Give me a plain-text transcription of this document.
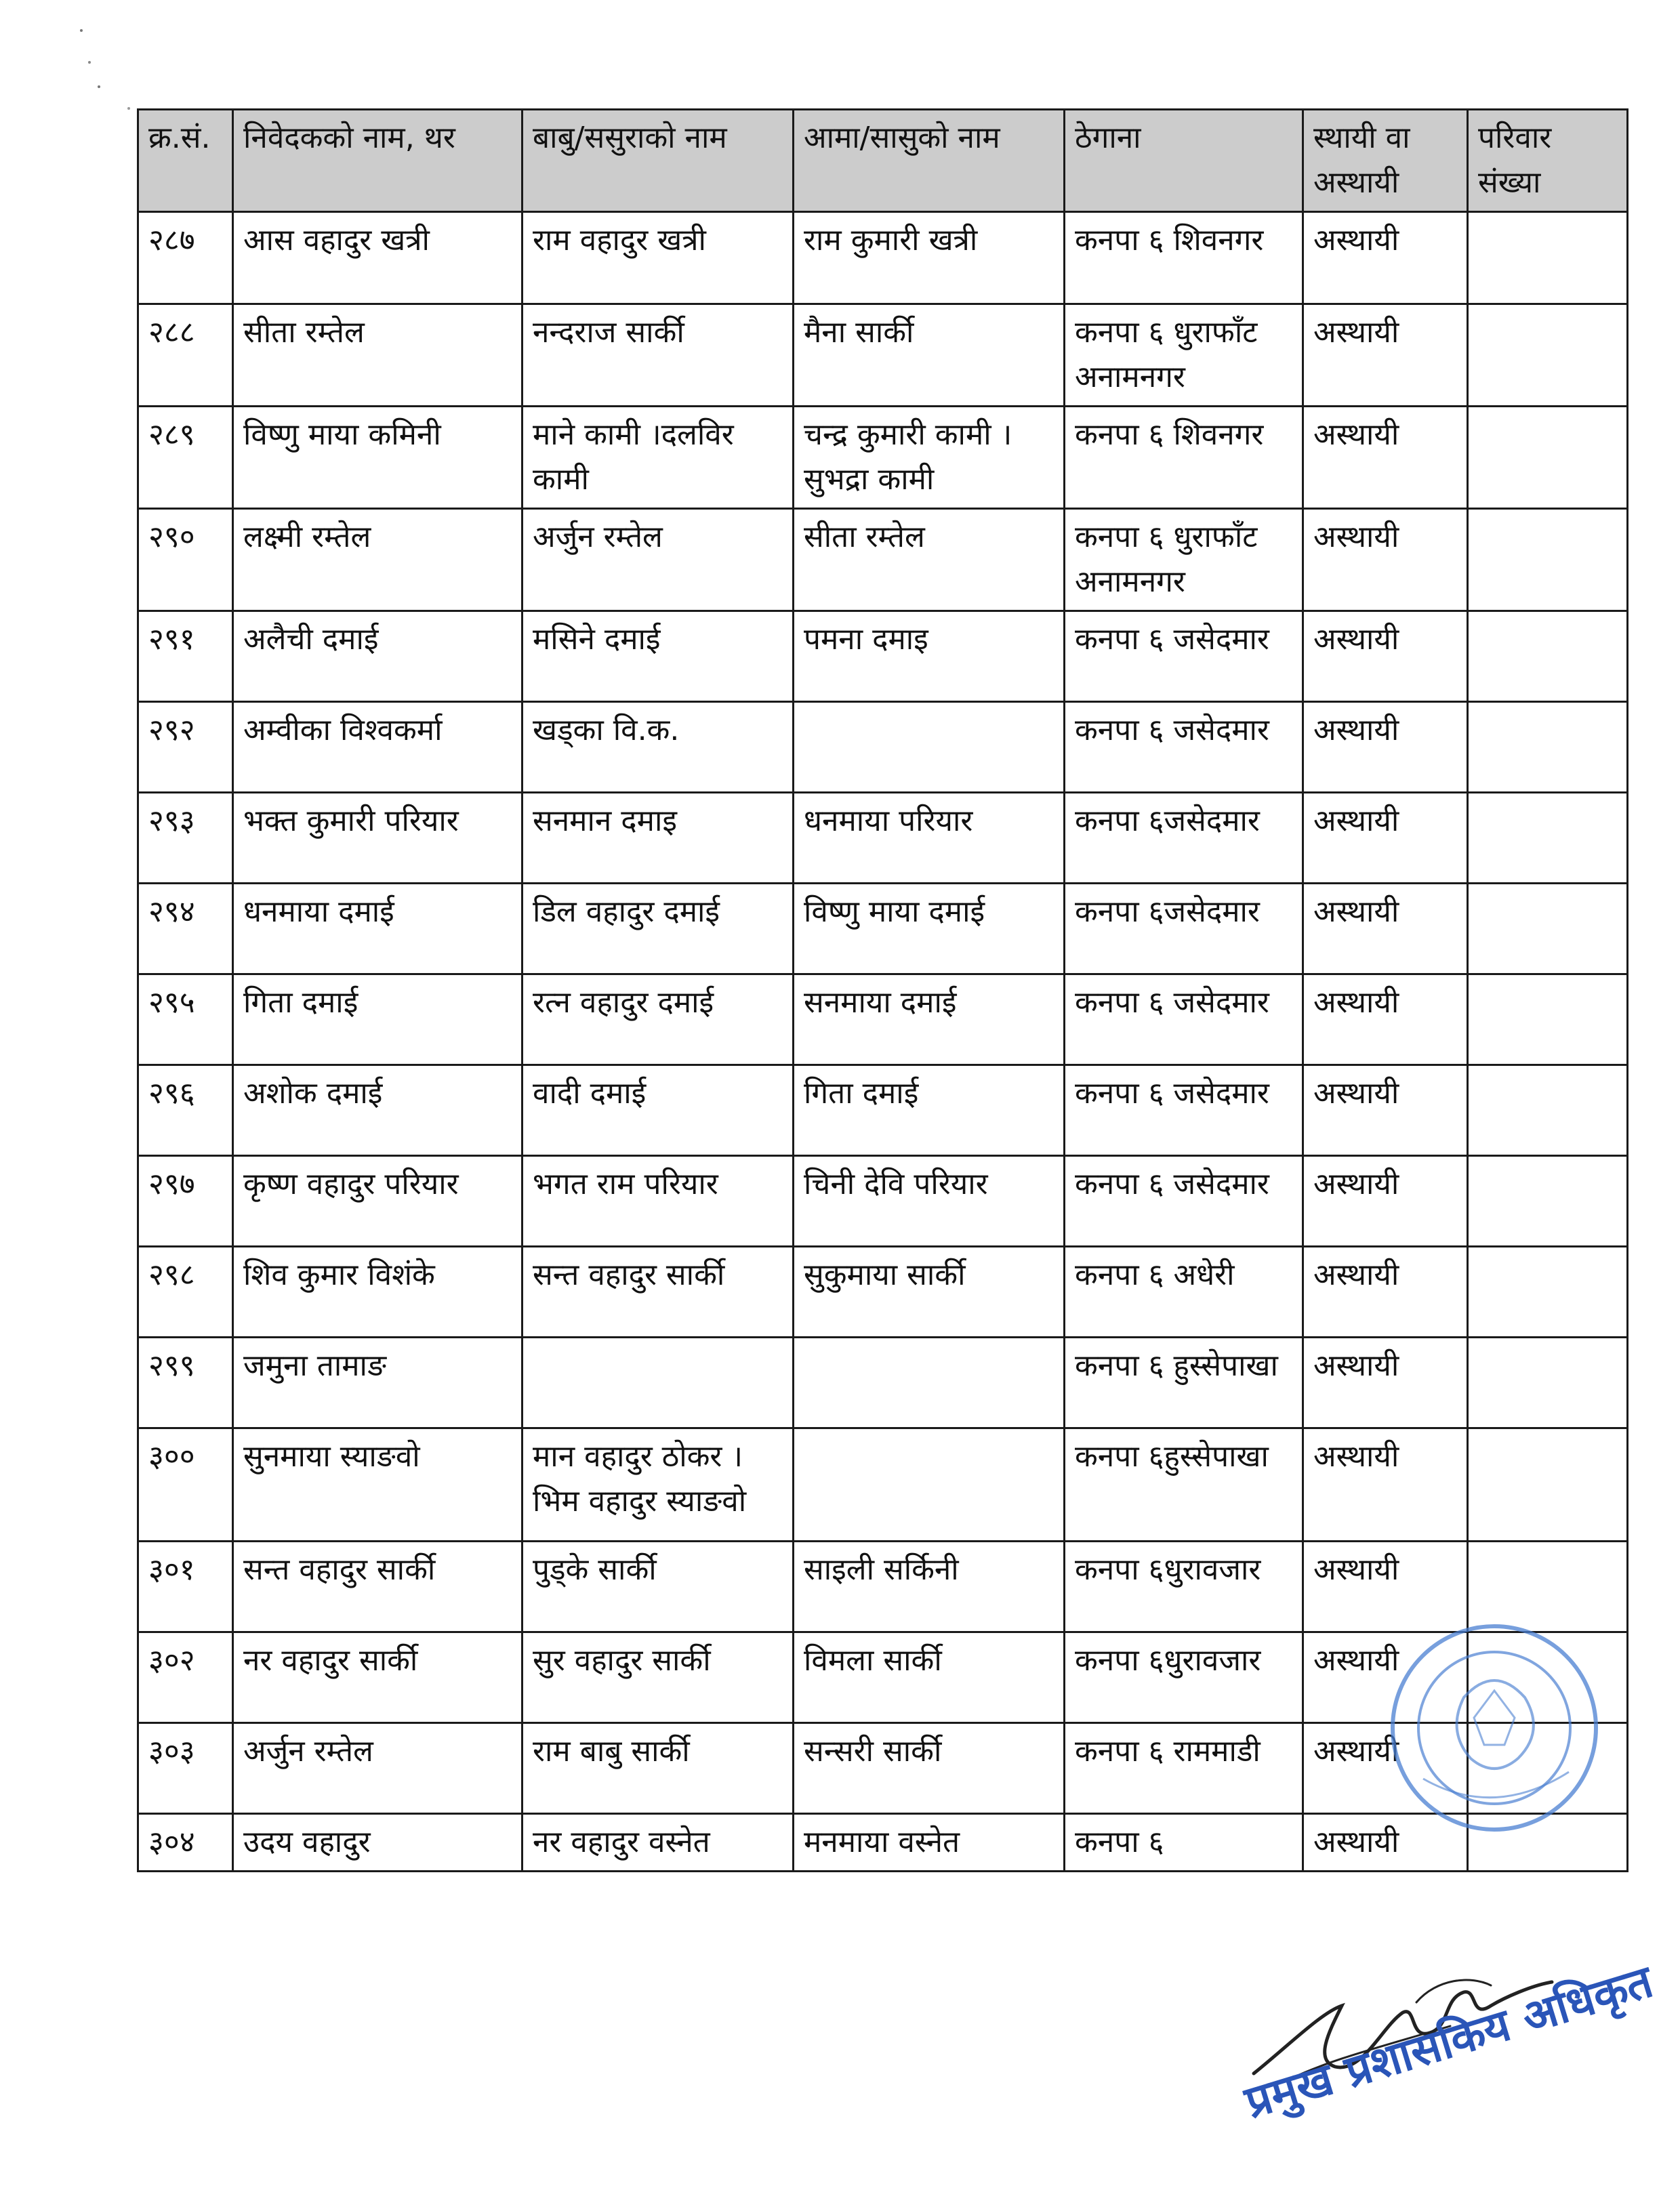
क्र.सं.	निवेदकको नाम, थर	बाबु/ससुराको नाम	आमा/सासुको नाम	ठेगाना	स्थायी वा अस्थायी	परिवार संख्या
२८७	आस वहादुर खत्री	राम वहादुर खत्री	राम कुमारी खत्री	कनपा ६ शिवनगर	अस्थायी	
२८८	सीता रम्तेल	नन्दराज सार्की	मैना सार्की	कनपा ६ धुराफाँट अनामनगर	अस्थायी	
२८९	विष्णु माया कमिनी	माने कामी ।दलविर कामी	चन्द्र कुमारी कामी । सुभद्रा कामी	कनपा ६ शिवनगर	अस्थायी	
२९०	लक्ष्मी रम्तेल	अर्जुन रम्तेल	सीता रम्तेल	कनपा ६ धुराफाँट अनामनगर	अस्थायी	
२९१	अलैची दमाई	मसिने दमाई	पमना दमाइ	कनपा ६ जसेदमार	अस्थायी	
२९२	अम्वीका विश्वकर्मा	खड्का वि.क.		कनपा ६ जसेदमार	अस्थायी	
२९३	भक्त कुमारी परियार	सनमान दमाइ	धनमाया परियार	कनपा ६जसेदमार	अस्थायी	
२९४	धनमाया दमाई	डिल वहादुर दमाई	विष्णु माया दमाई	कनपा ६जसेदमार	अस्थायी	
२९५	गिता दमाई	रत्न वहादुर दमाई	सनमाया दमाई	कनपा ६ जसेदमार	अस्थायी	
२९६	अशोक दमाई	वादी दमाई	गिता दमाई	कनपा ६ जसेदमार	अस्थायी	
२९७	कृष्ण वहादुर परियार	भगत राम परियार	चिनी देवि परियार	कनपा ६ जसेदमार	अस्थायी	
२९८	शिव कुमार विशंके	सन्त वहादुर सार्की	सुकुमाया सार्की	कनपा ६ अधेरी	अस्थायी	
२९९	जमुना तामाङ			कनपा ६ हुस्सेपाखा	अस्थायी	
३००	सुनमाया स्याङवो	मान वहादुर ठोकर । भिम वहादुर स्याङवो		कनपा ६हुस्सेपाखा	अस्थायी	
३०१	सन्त वहादुर सार्की	पुड्के सार्की	साइली सर्किनी	कनपा ६धुरावजार	अस्थायी	
३०२	नर वहादुर सार्की	सुर वहादुर सार्की	विमला सार्की	कनपा ६धुरावजार	अस्थायी	
३०३	अर्जुन रम्तेल	राम बाबु सार्की	सन्सरी सार्की	कनपा ६ राममाडी	अस्थायी	
३०४	उदय वहादुर	नर वहादुर वस्नेत	मनमाया वस्नेत	कनपा ६	अस्थायी	
प्रमुख प्रशासकिय अधिकृत
